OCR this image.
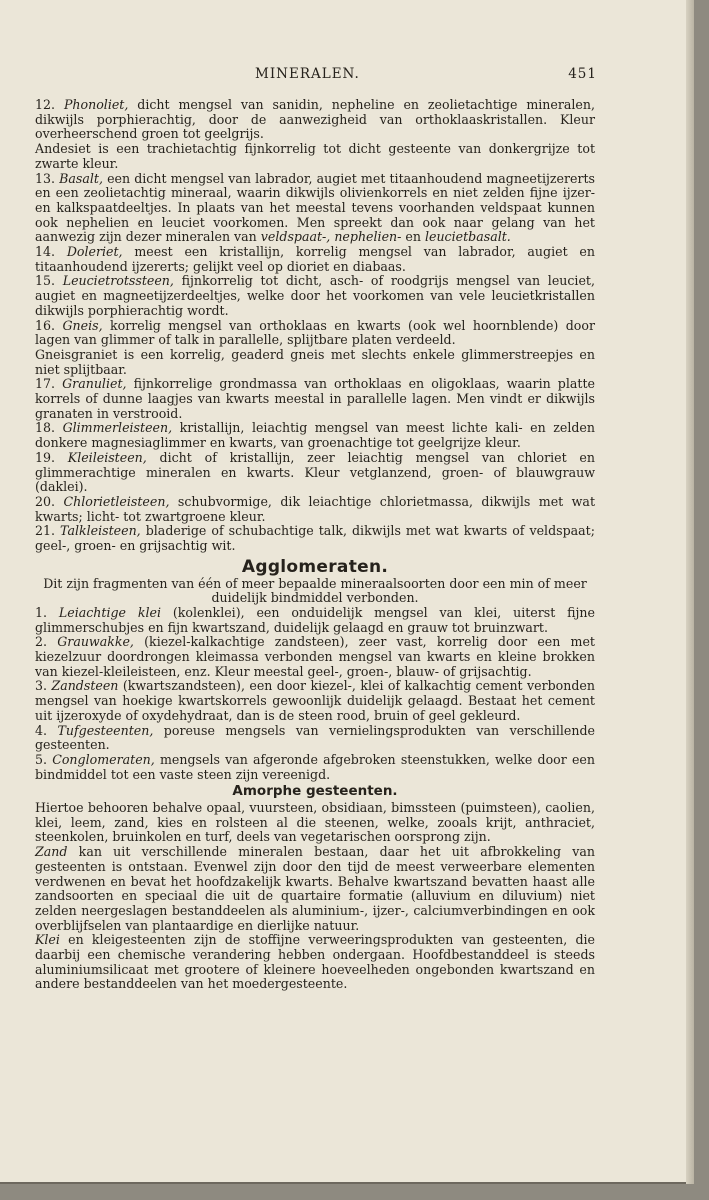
MINERALEN.	451

12. Phonoliet, dicht mengsel van sanidin, nepheline en zeolietachtige mineralen, dikwijls porphierachtig, door de aanwezigheid van orthoklaaskristallen. Kleur overheerschend groen tot geelgrijs.

Andesiet is een trachietachtig fijnkorrelig tot dicht gesteente van donkergrijze tot zwarte kleur.

13. Basalt, een dicht mengsel van labrador, augiet met titaanhoudend magneetijzererts en een zeolietachtig mineraal, waarin dikwijls olivienkorrels en niet zelden fijne ijzer- en kalkspaatdeeltjes. In plaats van het meestal tevens voorhanden veldspaat kunnen ook nephelien en leuciet voorkomen. Men spreekt dan ook naar gelang van het aanwezig zijn dezer mineralen van veldspaat-, nephelien- en leucietbasalt.

14. Doleriet, meest een kristallijn, korrelig mengsel van labrador, augiet en titaanhoudend ijzererts; gelijkt veel op dioriet en diabaas.

15. Leucietrotssteen, fijnkorrelig tot dicht, asch- of roodgrijs mengsel van leuciet, augiet en magneetijzerdeeltjes, welke door het voorkomen van vele leucietkristallen dikwijls porphierachtig wordt.

16. Gneis, korrelig mengsel van orthoklaas en kwarts (ook wel hoornblende) door lagen van glimmer of talk in parallelle, splijtbare platen verdeeld.

Gneisgraniet is een korrelig, geaderd gneis met slechts enkele glimmerstreepjes en niet splijtbaar.

17. Granuliet, fijnkorrelige grondmassa van orthoklaas en oligoklaas, waarin platte korrels of dunne laagjes van kwarts meestal in parallelle lagen. Men vindt er dikwijls granaten in verstrooid.

18. Glimmerleisteen, kristallijn, leiachtig mengsel van meest lichte kali- en zelden donkere magnesiaglimmer en kwarts, van groenachtige tot geelgrijze kleur.

19. Kleileisteen, dicht of kristallijn, zeer leiachtig mengsel van chloriet en glimmerachtige mineralen en kwarts. Kleur vetglanzend, groen- of blauwgrauw (daklei).

20. Chlorietleisteen, schubvormige, dik leiachtige chlorietmassa, dikwijls met wat kwarts; licht- tot zwartgroene kleur.

21. Talkleisteen, bladerige of schubachtige talk, dikwijls met wat kwarts of veldspaat; geel-, groen- en grijsachtig wit.

Agglomeraten.

Dit zijn fragmenten van één of meer bepaalde mineraalsoorten door een min of meer duidelijk bindmiddel verbonden.

1. Leiachtige klei (kolenklei), een onduidelijk mengsel van klei, uiterst fijne glimmerschubjes en fijn kwartszand, duidelijk gelaagd en grauw tot bruinzwart.

2. Grauwakke, (kiezel-kalkachtige zandsteen), zeer vast, korrelig door een met kiezelzuur doordrongen kleimassa verbonden mengsel van kwarts en kleine brokken van kiezel-kleileisteen, enz. Kleur meestal geel-, groen-, blauw- of grijsachtig.

3. Zandsteen (kwartszandsteen), een door kiezel-, klei of kalkachtig cement verbonden mengsel van hoekige kwartskorrels gewoonlijk duidelijk gelaagd. Bestaat het cement uit ijzeroxyde of oxydehydraat, dan is de steen rood, bruin of geel gekleurd.

4. Tufgesteenten, poreuse mengsels van vernielingsprodukten van verschillende gesteenten.

5. Conglomeraten, mengsels van afgeronde afgebroken steenstukken, welke door een bindmiddel tot een vaste steen zijn vereenigd.

Amorphe gesteenten.

Hiertoe behooren behalve opaal, vuursteen, obsidiaan, bimssteen (puimsteen), caolien, klei, leem, zand, kies en rolsteen al die steenen, welke, zooals krijt, anthraciet, steenkolen, bruinkolen en turf, deels van vegetarischen oorsprong zijn.

Zand kan uit verschillende mineralen bestaan, daar het uit afbrokkeling van gesteenten is ontstaan. Evenwel zijn door den tijd de meest verweerbare elementen verdwenen en bevat het hoofdzakelijk kwarts. Behalve kwartszand bevatten haast alle zandsoorten en speciaal die uit de quartaire formatie (alluvium en diluvium) niet zelden neergeslagen bestanddeelen als aluminium-, ijzer-, calciumverbindingen en ook overblijfselen van plantaardige en dierlijke natuur.

Klei en kleigesteenten zijn de stoffijne verweeringsprodukten van gesteenten, die daarbij een chemische verandering hebben ondergaan. Hoofdbestanddeel is steeds aluminiumsilicaat met grootere of kleinere hoeveelheden ongebonden kwartszand en andere bestanddeelen van het moedergesteente.
